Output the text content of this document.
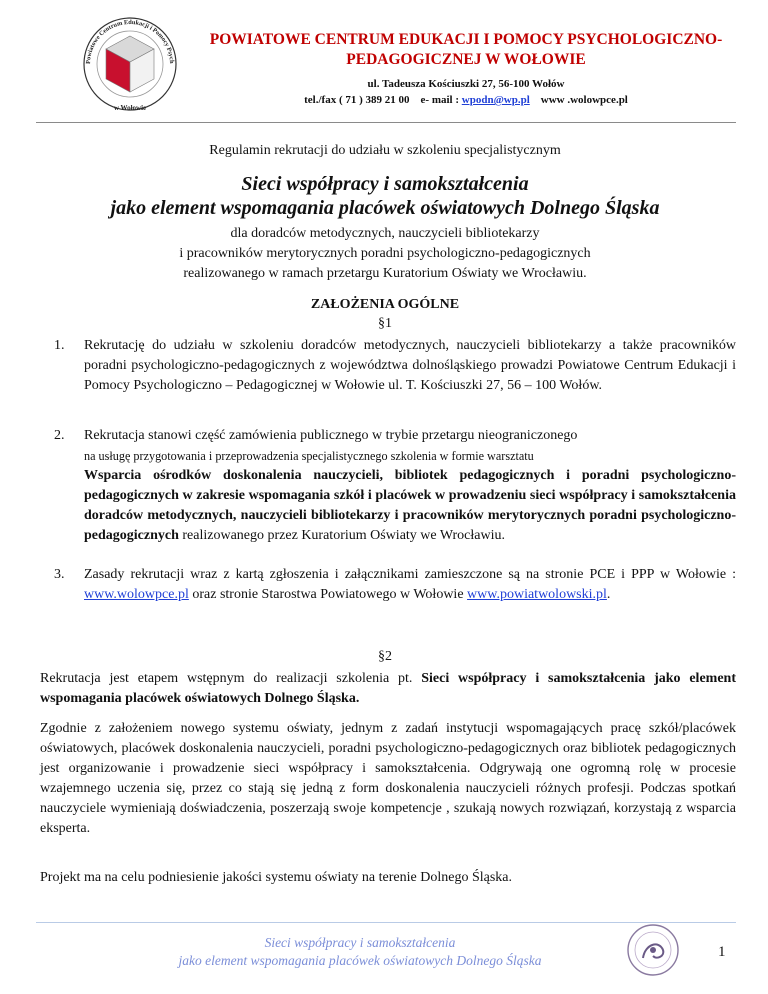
Powiatowe Centrum Edukacji i Pomocy Psych
w Wołowie
POWIATOWE CENTRUM EDUKACJI I POMOCY PSYCHOLOGICZNO-
PEDAGOGICZNEJ W WOŁOWIE
ul. Tadeusza Kościuszki 27, 56-100 Wołów
tel./fax ( 71 ) 389 21 00 e- mail : wpodn@wp.pl www .wolowpce.pl
Regulamin rekrutacji do udziału w szkoleniu specjalistycznym
Sieci współpracy i samokształcenia
jako element wspomagania placówek oświatowych Dolnego Śląska
dla doradców metodycznych, nauczycieli bibliotekarzy
i pracowników merytorycznych poradni psychologiczno-pedagogicznych
realizowanego w ramach przetargu Kuratorium Oświaty we Wrocławiu.
ZAŁOŻENIA OGÓLNE
§1
1. Rekrutację do udziału w szkoleniu doradców metodycznych, nauczycieli bibliotekarzy a także pracowników poradni psychologiczno-pedagogicznych z województwa dolnośląskiego prowadzi Powiatowe Centrum Edukacji i Pomocy Psychologiczno – Pedagogicznej w Wołowie ul. T. Kościuszki 27, 56 – 100 Wołów.
2. Rekrutacja stanowi część zamówienia publicznego w trybie przetargu nieograniczonego
na usługę przygotowania i przeprowadzenia specjalistycznego szkolenia w formie warsztatu
Wsparcia ośrodków doskonalenia nauczycieli, bibliotek pedagogicznych i poradni psychologiczno-pedagogicznych w zakresie wspomagania szkół i placówek w prowadzeniu sieci współpracy i samokształcenia doradców metodycznych, nauczycieli bibliotekarzy i pracowników merytorycznych poradni psychologiczno-pedagogicznych realizowanego przez Kuratorium Oświaty we Wrocławiu.
3. Zasady rekrutacji wraz z kartą zgłoszenia i załącznikami zamieszczone są na stronie PCE i PPP w Wołowie : www.wolowpce.pl oraz stronie Starostwa Powiatowego w Wołowie www.powiatwolowski.pl.
§2
Rekrutacja jest etapem wstępnym do realizacji szkolenia pt. Sieci współpracy i samokształcenia jako element wspomagania placówek oświatowych Dolnego Śląska.
Zgodnie z założeniem nowego systemu oświaty, jednym z zadań instytucji wspomagających pracę szkół/placówek oświatowych, placówek doskonalenia nauczycieli, poradni psychologiczno-pedagogicznych oraz bibliotek pedagogicznych jest organizowanie i prowadzenie sieci współpracy i samokształcenia. Odgrywają one ogromną rolę w procesie wzajemnego uczenia się, przez co stają się jedną z form doskonalenia nauczycieli różnych profesji. Podczas spotkań nauczyciele wymieniają doświadczenia, poszerzają swoje kompetencje , szukają nowych rozwiązań, korzystają z wsparcia eksperta.
Projekt ma na celu podniesienie jakości systemu oświaty na terenie Dolnego Śląska.
Sieci współpracy i samokształcenia
jako element wspomagania placówek oświatowych Dolnego Śląska
1
